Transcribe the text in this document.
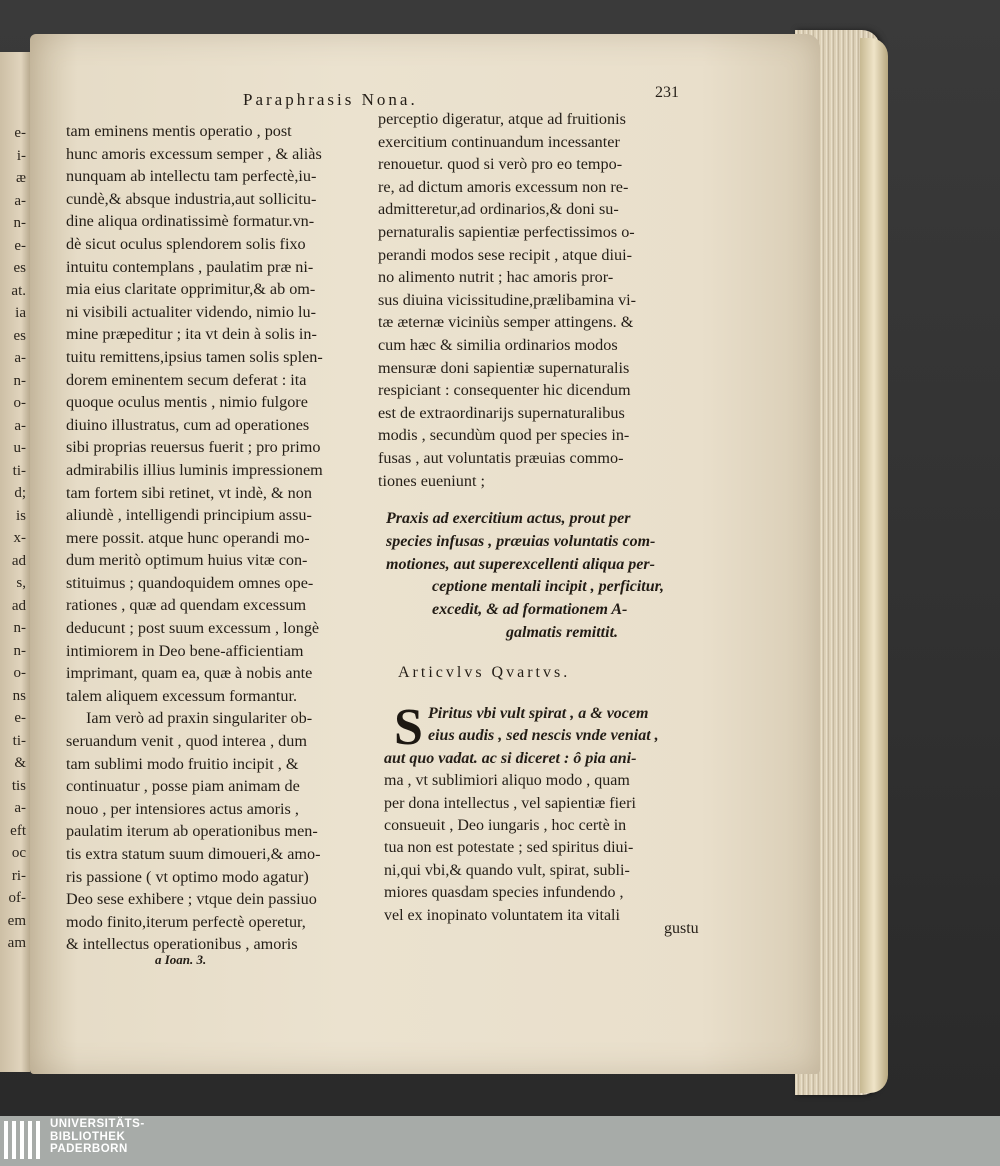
e-
i-
æ
a-
n-
e-
es
at.
ia
es
a-
n-
o-
a-
u-
ti-
d;
is
x-
ad
s,
ad
n-
n-
o-
ns
e-
ti-
&
tis
a-
eft
oc
ri-
of-
em
am
Paraphrasis Nona.	231
tam eminens mentis operatio , post
hunc amoris excessum semper , & aliàs
nunquam ab intellectu tam perfectè,iu-
cundè,& absque industria,aut sollicitu-
dine aliqua ordinatissimè formatur.vn-
dè sicut oculus splendorem solis fixo
intuitu contemplans , paulatim præ ni-
mia eius claritate opprimitur,& ab om-
ni visibili actualiter videndo, nimio lu-
mine præpeditur ; ita vt dein à solis in-
tuitu remittens,ipsius tamen solis splen-
dorem eminentem secum deferat : ita
quoque oculus mentis , nimio fulgore
diuino illustratus, cum ad operationes
sibi proprias reuersus fuerit ; pro primo
admirabilis illius luminis impressionem
tam fortem sibi retinet, vt indè, & non
aliundè , intelligendi principium assu-
mere possit. atque hunc operandi mo-
dum meritò optimum huius vitæ con-
stituimus ; quandoquidem omnes ope-
rationes , quæ ad quendam excessum
deducunt ; post suum excessum , longè
intimiorem in Deo bene-afficientiam
imprimant, quam ea, quæ à nobis ante
talem aliquem excessum formantur.
Iam verò ad praxin singulariter ob-
seruandum venit , quod interea , dum
tam sublimi modo fruitio incipit , &
continuatur , posse piam animam de
nouo , per intensiores actus amoris ,
paulatim iterum ab operationibus men-
tis extra statum suum dimoueri,& amo-
ris passione ( vt optimo modo agatur)
Deo sese exhibere ; vtque dein passiuo
modo finito,iterum perfectè operetur,
& intellectus operationibus , amoris
perceptio digeratur, atque ad fruitionis
exercitium continuandum incessanter
renouetur. quod si verò pro eo tempo-
re, ad dictum amoris excessum non re-
admitteretur,ad ordinarios,& doni su-
pernaturalis sapientiæ perfectissimos o-
perandi modos sese recipit , atque diui-
no alimento nutrit ; hac amoris pror-
sus diuina vicissitudine,prælibamina vi-
tæ æternæ viciniùs semper attingens. &
cum hæc & similia ordinarios modos
mensuræ doni sapientiæ supernaturalis
respiciant : consequenter hic dicendum
est de extraordinarijs supernaturalibus
modis , secundùm quod per species in-
fusas , aut voluntatis præuias commo-
tiones eueniunt ;
Praxis ad exercitium actus, prout per
species infusas , præuias voluntatis com-
motiones, aut superexcellenti aliqua per-
ceptione mentali incipit , perficitur,
excedit, & ad formationem A-
galmatis remittit.
Articvlvs Qvartvs.
S Piritus vbi vult spirat , a & vocem
eius audis , sed nescis vnde veniat ,
aut quo vadat. ac si diceret : ô pia ani-
ma , vt sublimiori aliquo modo , quam
per dona intellectus , vel sapientiæ fieri
consueuit , Deo iungaris , hoc certè in
tua non est potestate ; sed spiritus diui-
ni,qui vbi,& quando vult, spirat, subli-
miores quasdam species infundendo ,
vel ex inopinato voluntatem ita vitali
gustu
a Ioan. 3.
UNIVERSITÄTS-
BIBLIOTHEK
PADERBORN
